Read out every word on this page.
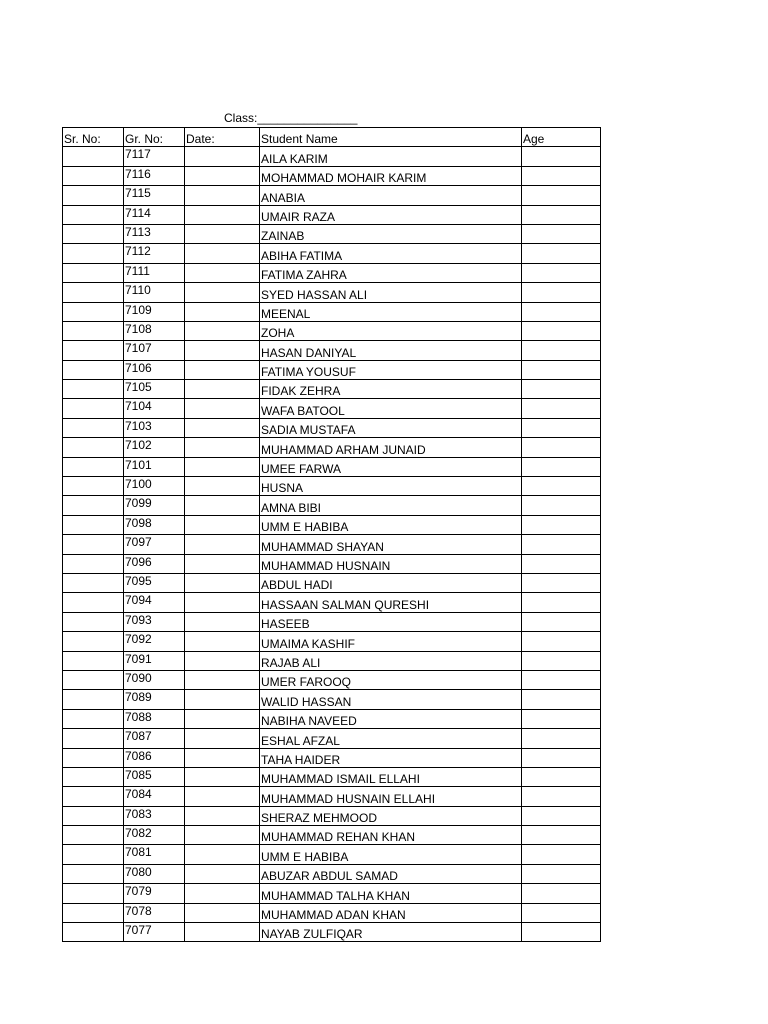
Class:_______________
Sr. No:	Gr. No:	Date:	Student Name	Age
	7117		AILA KARIM	
	7116		MOHAMMAD MOHAIR KARIM	
	7115		ANABIA	
	7114		UMAIR RAZA	
	7113		ZAINAB	
	7112		ABIHA FATIMA	
	7111		FATIMA ZAHRA	
	7110		SYED HASSAN ALI	
	7109		MEENAL	
	7108		ZOHA	
	7107		HASAN DANIYAL	
	7106		FATIMA YOUSUF	
	7105		FIDAK ZEHRA	
	7104		WAFA BATOOL	
	7103		SADIA MUSTAFA	
	7102		MUHAMMAD ARHAM JUNAID	
	7101		UMEE FARWA	
	7100		HUSNA	
	7099		AMNA BIBI	
	7098		UMM E HABIBA	
	7097		MUHAMMAD SHAYAN	
	7096		MUHAMMAD HUSNAIN	
	7095		ABDUL HADI	
	7094		HASSAAN SALMAN QURESHI	
	7093		HASEEB	
	7092		UMAIMA KASHIF	
	7091		RAJAB ALI	
	7090		UMER FAROOQ	
	7089		WALID HASSAN	
	7088		NABIHA NAVEED	
	7087		ESHAL AFZAL	
	7086		TAHA HAIDER	
	7085		MUHAMMAD ISMAIL ELLAHI	
	7084		MUHAMMAD HUSNAIN ELLAHI	
	7083		SHERAZ MEHMOOD	
	7082		MUHAMMAD REHAN KHAN	
	7081		UMM E HABIBA	
	7080		ABUZAR ABDUL SAMAD	
	7079		MUHAMMAD TALHA KHAN	
	7078		MUHAMMAD ADAN KHAN	
	7077		NAYAB ZULFIQAR	
